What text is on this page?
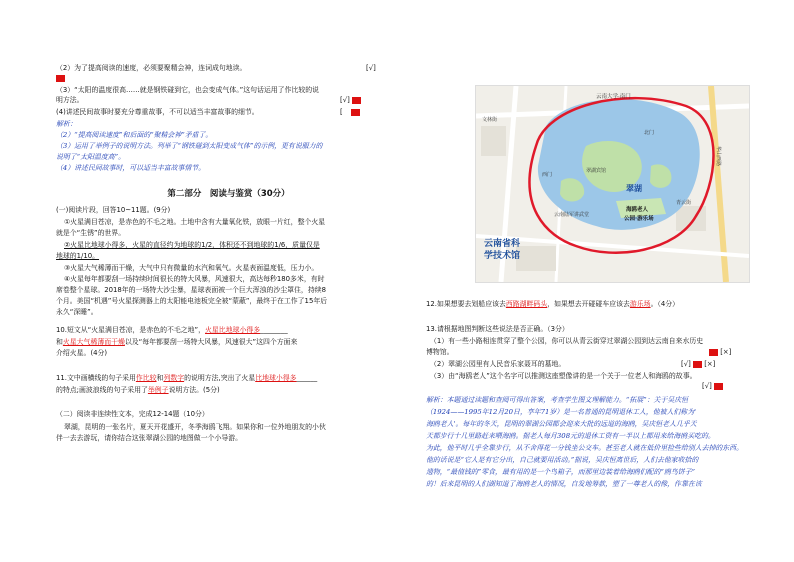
（2）为了提高阅读的速度，必须要聚精会神，连词成句地读。	[√]
（3）“太阳的温度很高……就是钢铁碰到它，也会变成气体。”这句话运用了作比较的说
明方法。	[√]
(4)讲述民间故事时要充分尊重故事，不可以适当丰富故事的细节。	[
解析：
（2）“提高阅读速度”和后面的“聚精会神”矛盾了。
（3）运用了举例子的说明方法。列举了“钢铁碰到太阳变成气体”的示例，更有说服力的
说明了“太阳温度高”。
（4）讲述民间故事时，可以适当丰富故事情节。
第二部分　阅读与鉴赏（30分）
(一)阅读片段，回答10~11题。(9分)
①火星满目苍凉，是赤色的不毛之地。土地中含有大量氧化铁，放眼一片红，整个火星
就是个“生锈”的世界。
②火星比地球小得多，火星的直径约为地球的1/2，体积还不到地球的1/6，质量仅是
地球的1/10。
③火星大气稀薄而干燥，大气中只有微量的水汽和氧气。火星表面温度低，压力小。
④火星每年都要刮一场持续时间很长的特大风暴，风速很大，高达每秒180多米，有时
席卷整个星球。2018年的一场特大沙尘暴，星球表面被一个巨大浑浊的沙尘罩住，持续8
个月。美国“机遇”号火星探测器上的太阳能电池板完全被“蒙蔽”，最终于在工作了15年后
永久“深睡”。
10.短文从“火星满目苍凉，是赤色的不毛之地”，火星比地球小得多________
和火星大气稀薄而干燥以及“每年都要刮一场特大风暴，风速很大”这四个方面来
介绍火星。(4分)
11.文中画横线的句子采用作比较和列数字的说明方法,突出了火星比地球小得多______
的特点;画波浪线的句子采用了举例子说明方法。(5分)
（二）阅读非连续性文本，完成12-14题（10分）
翠湖，昆明的一张名片，夏天开花盛开，冬季海鸥飞翔。如果你和一位外地朋友的小伙
伴一去去游玩，请你结合这张翠湖公园的地图做一个小导游。
云南大学·南门
文林街
翠湖
西门
北门
翠湖宾馆
青云街
海鸥老人
公园·游乐场
云南陆军讲武堂
云南省科
学技术馆
华山西路
12.如果想要去划船应该去西路湖畔码头，如果想去开碰碰车应该去游乐场。（4分）
13.请根据地图判断这些说法是否正确。（3分）
（1）有一些小路相连贯穿了整个公园，你可以从青云街穿过翠湖公园到达云南自来水历史
博物馆。	[×]
（2）翠湖公园里有人民音乐家聂耳的墓地。	[√] [×]
（3）由“海鸥老人”这个名字可以推测这座塑像讲的是一个关于一位老人和海鸥的故事。
[√]
解析：本题通过读题和查阅可得出答案，考查学生图文理解能力。“拓展”：关于吴庆恒
（1924——1995年12月20日，享年71岁）是一名普通的昆明退休工人，他被人们称为'
海鸥老人'。每年的冬天，昆明的翠湖公园都会迎来大批的远道的海鸥，吴庆恒老人几乎天
天都步行十几里路赶来喂海鸥。据老人每月308元的退休工资有一半以上都用来给海鸥买吃的。
为此，他平时几乎全靠步行，从不舍得花一分钱坐公交车。甚至老人就在低价里捡些给别人去掉的东西。
他的话说是“它人是有它分出，自己就要用活动。”据说，吴庆恒离世后，人们去他家收拾的
遗物，“最值钱的”零食，最有用的是一个鸟箱子，而那里边装着给海鸥们配的“鸥鸟饼子”
的！后来昆明的人们湖知道了海鸥老人的情况，自发地筹款，塑了一尊老人的像，作靠在该
